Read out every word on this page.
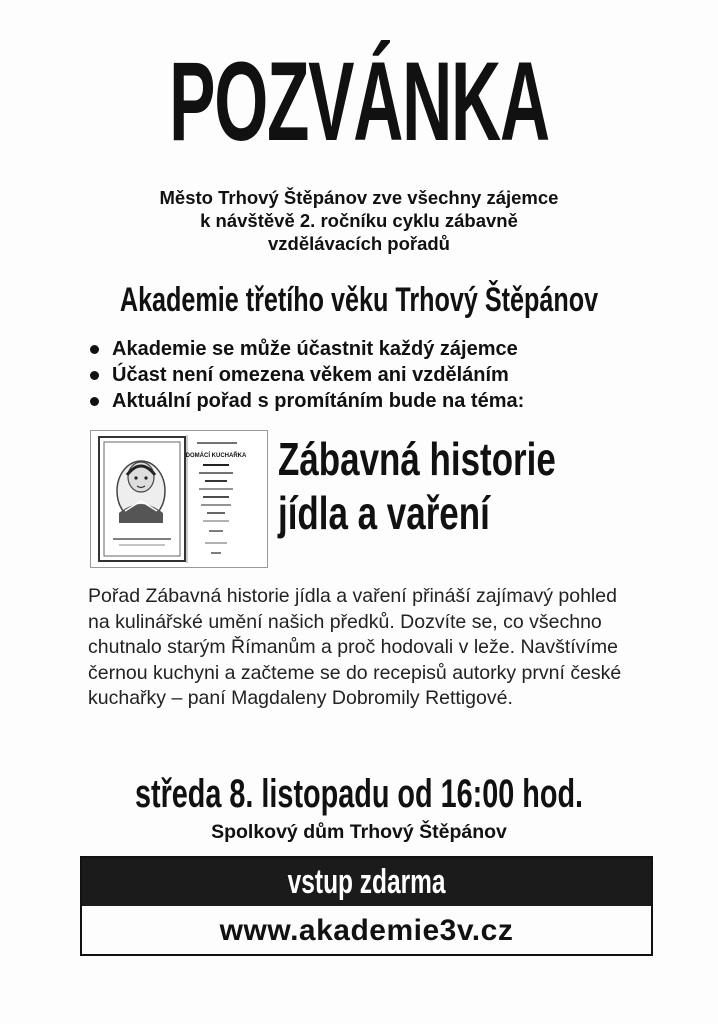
POZVÁNKA
Město Trhový Štěpánov zve všechny zájemce
k návštěvě 2. ročníku cyklu zábavně
vzdělávacích pořadů
Akademie třetího věku Trhový Štěpánov
Akademie se může účastnit každý zájemce
Účast není omezena věkem ani vzděláním
Aktuální pořad s promítáním bude na téma:
DOMÁCÍ KUCHAŘKA Zábavná historie
jídla a vaření
Pořad Zábavná historie jídla a vaření přináší zajímavý pohled na kulinářské umění našich předků. Dozvíte se, co všechno chutnalo starým Římanům a proč hodovali v leže. Navštívíme černou kuchyni a začteme se do recepisů autorky první české kuchařky – paní Magdaleny Dobromily Rettigové.
středa 8. listopadu od 16:00 hod.
Spolkový dům Trhový Štěpánov
vstup zdarma
www.akademie3v.cz
